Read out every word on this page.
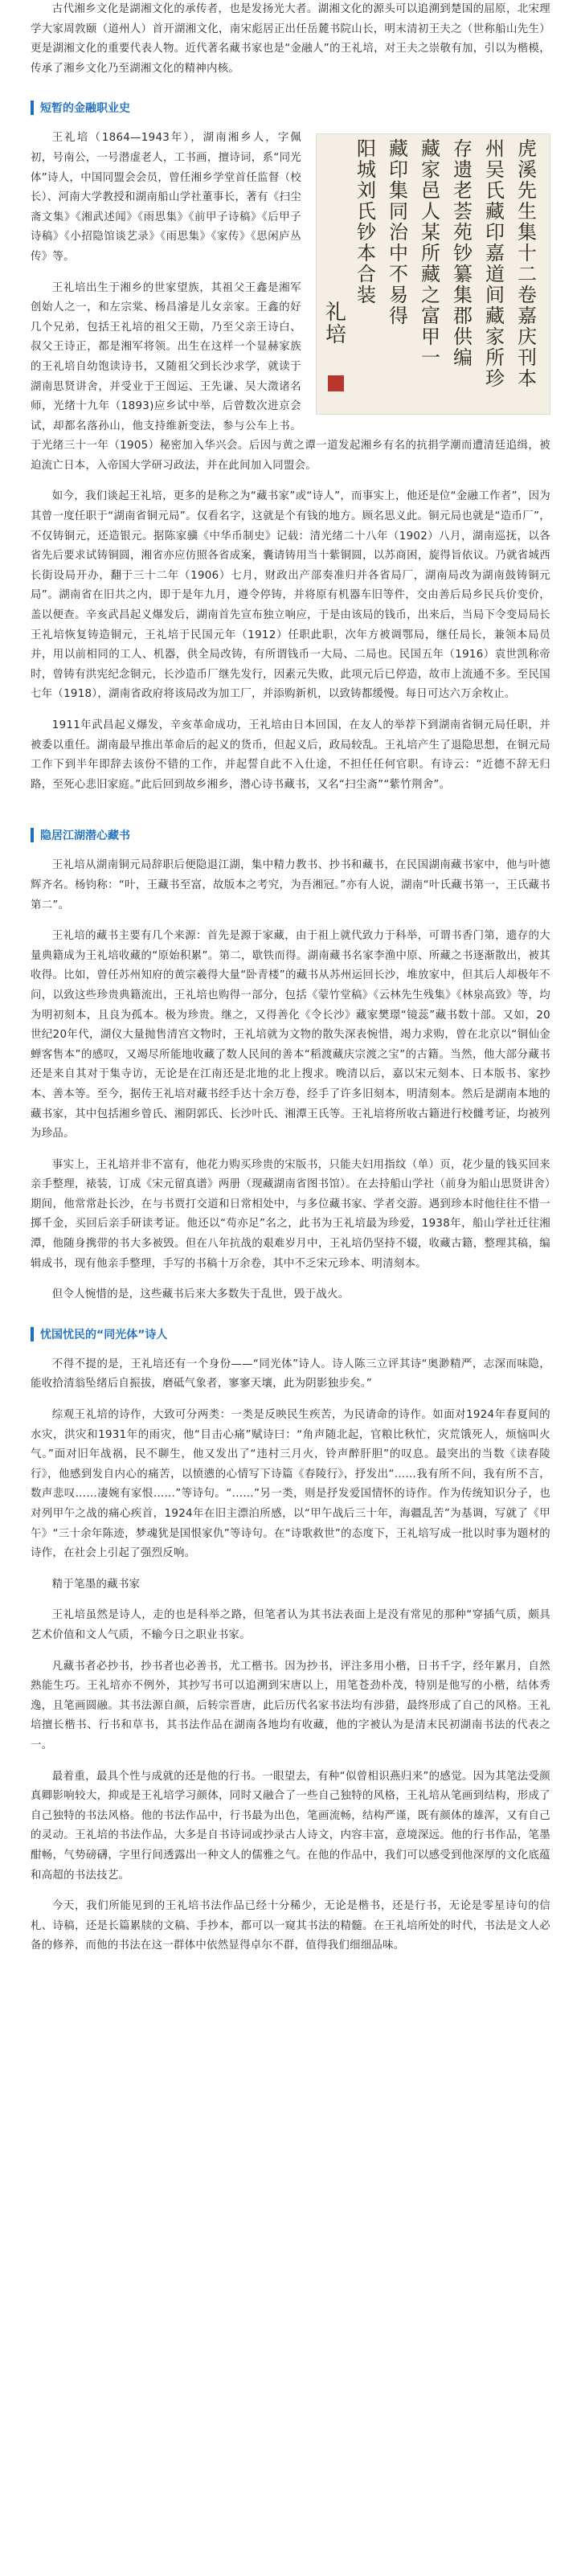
古代湘乡文化是湖湘文化的承传者，也是发扬光大者。湖湘文化的源头可以追溯到楚国的屈原，北宋理学大家周敦颐（道州人）首开湖湘文化，南宋彪居正出任岳麓书院山长，明末清初王夫之（世称船山先生）更是湖湘文化的重要代表人物。近代著名藏书家也是“金融人”的王礼培，对王夫之崇敬有加，引以为楷模，传承了湘乡文化乃至湖湘文化的精神内核。

短暂的金融职业史
虎
溪
先
生
集
十
二
卷
嘉
庆
刊
本
州
吴
氏
藏
印
嘉
道
间
藏
家
所
珍
存
遗
老
荟
苑
钞
纂
集
郡
供
编
藏
家
邑
人
某
所
藏
之
富
甲
一
藏
印
集
同
治
中
不
易
得
阳
城
刘
氏
钞
本
合
装
礼
培

王礼培（1864—1943年），湖南湘乡人，字佩初，号南公，一号潜虚老人，工书画，擅诗词，系“同光体”诗人，中国同盟会会员，曾任湘乡学堂首任监督（校长）、河南大学教授和湖南船山学社董事长，著有《扫尘斋文集》《湘武述闻》《雨思集》《前甲子诗稿》《后甲子诗稿》《小招隐馆谈艺录》《雨思集》《家传》《思闲庐丛传》等。

王礼培出生于湘乡的世家望族，其祖父王鑫是湘军创始人之一，和左宗棠、杨昌濬是儿女亲家。王鑫的好几个兄弟，包括王礼培的祖父王勋，乃至父亲王诗白、叔父王诗正，都是湘军将领。出生在这样一个显赫家族的王礼培自幼饱读诗书，又随祖父到长沙求学，就读于湖南思贤讲舍，并受业于王闿运、王先谦、吴大澂诸名师，光绪十九年（1893)应乡试中举，后曾数次进京会试，却都名落孙山，他支持维新变法，参与公车上书。于光绪三十一年（1905）秘密加入华兴会。后因与黄之谭一道发起湘乡有名的抗捐学潮而遭清廷追缉，被迫流亡日本，入帝国大学研习政法，并在此间加入同盟会。

如今，我们谈起王礼培，更多的是称之为“藏书家”或“诗人”，而事实上，他还是位“金融工作者”，因为其曾一度任职于“湖南省铜元局”。仅看名字，这就是个有钱的地方。顾名思义此。铜元局也就是“造币厂”，不仅铸铜元，还造银元。据陈家骥《中华币制史》记载：清光绪二十八年（1902）八月，湖南巡抚，以各省先后要求试铸铜圆，湘省亦应仿照各省成案，囊请铸用当十紫铜圆，以苏商困，旋得旨依议。乃就省城西长街设局开办，翻于三十二年（1906）七月，财政出产部奏准归并各省局厂，湖南局改为湖南鼓铸铜元局”。湖南省在旧共之内，即于是年九月，遵令停铸，并将原有机器车旧等件，交由善后局乡民兵价变价，盖以便查。辛亥武昌起义爆发后，湖南首先宣布独立响应，于是由该局的钱币，出来后，当局下令变局局长王礼培恢复铸造铜元，王礼培于民国元年（1912）任职此职，次年方被调鄂局，继任局长，兼领本局员并，用以前相同的工人、机器，供全局改铸，有所谓钱币一大局、二局也。民国五年（1916）袁世凯称帝时，曾铸有洪宪纪念铜元，长沙造币厂继先发行，因素元失败，此项元后已停造，故市上流通不多。至民国七年（1918），湖南省政府将该局改为加工厂，并添购新机，以致铸都缓慢。每日可达六万余枚止。

1911年武昌起义爆发，辛亥革命成功，王礼培由日本回国，在友人的举荐下到湖南省铜元局任职，并被委以重任。湖南最早推出革命后的起义的货币，但起义后，政局较乱。王礼培产生了退隐思想，在铜元局工作下到半年即辞去该份不错的工作，并起誓自此不入仕途，不担任任何官职。有诗云：“近德不辞无归路，至死心悲旧家庭。”此后回到故乡湘乡，潜心诗书藏书，又名“扫尘斋”“紫竹荆舍”。

隐居江湖潜心藏书

王礼培从湖南铜元局辞职后便隐退江湖，集中精力教书、抄书和藏书，在民国湖南藏书家中，他与叶德辉齐名。杨钧称：“叶，王藏书至富，故版本之考究，为吾湘冠。”亦有人说，湖南“叶氏藏书第一，王氏藏书第二”。

王礼培的藏书主要有几个来源：首先是源于家藏，由于祖上就代致力于科举，可谓书香门第，遗存的大量典籍成为王礼培收藏的“原始积累”。第二，歇铁而得。湖南藏书名家李渔中原、所藏之书逐渐散出，被其收得。比如，曾任苏州知府的黄宗羲得大量“卧青楼”的藏书从苏州运回长沙，堆放家中，但其后人却极年不问，以致这些珍贵典籍流出，王礼培也购得一部分，包括《蒙竹堂稿》《云林先生残集》《林泉高致》等，均为明初刻本，且良为孤本。极为珍贵。继之，又得善化《令长沙》藏家樊璟“镜蕊”藏书数十部。又如，20世纪20年代，湖仪大量抛售清宫文物时，王礼培就为文物的散失深表惋惜，竭力求购，曾在北京以“铜仙金蝉客售本”的感叹，又竭尽所能地收藏了数人民间的善本“稻渡藏庆宗渡之宝”的古籍。当然，他大部分藏书还是来自其对于集寺访，无论是在江南还是北地的北上搜求。晚清以后，嘉以宋元刻本、日本版书、家抄本、善本等。至今，据传王礼培对藏书经手达十余万卷，经手了许多旧刻本，明清刻本。然后是湖南本地的藏书家，其中包括湘乡曾氏、湘阴郭氏、长沙叶氏、湘潭王氏等。王礼培将所收古籍进行校雠考证，均被列为珍品。

事实上，王礼培并非不富有，他花力购买珍贵的宋版书，只能夫妇用指纹（单）页，花少量的钱买回来亲手整理，裱装，订成《宋元留真谱》两册（现藏湖南省图书馆）。在去持船山学社（前身为船山思贤讲舍）期间，他常常赴长沙，在与书贾打交道和日常相处中，与多位藏书家、学者交游。遇到珍本时他往往不惜一掷千金，买回后亲手研读考证。他还以“苟亦足”名之，此书为王礼培最为珍爱，1938年，船山学社迁往湘潭，他随身携带的书大多被毁。但在八年抗战的艰难岁月中，王礼培仍坚持不辍，收藏古籍，整理其稿，编辑成书，现有他亲手整理，手写的书稿十万余卷，其中不乏宋元珍本、明清刻本。

但令人惋惜的是，这些藏书后来大多数失于乱世，毁于战火。

忧国忧民的“同光体”诗人

不得不提的是，王礼培还有一个身份——“同光体”诗人。诗人陈三立评其诗“奥渺精严，志深而味隐，能收拾清翁坠绪后自振拔，磨砥气象者，寥寥天壤，此为阴影独步矣。”

综观王礼培的诗作，大致可分两类：一类是反映民生疾苦，为民请命的诗作。如面对1924年春夏间的水灾，洪灾和1931年的雨灾，他“目击心痛”赋诗曰：“角声随北起，官粮比秋忙，灾荒饿死人，烦恼叫火气。”面对旧年战祸，民不聊生，他又发出了“违村三月火，铃声醉肝胆”的叹息。最突出的当数《读春陵行》，他感到发自内心的痛苦，以愤懑的心情写下诗篇《春陵行》，抒发出“……我有所不问，我有所不言，数声悲叹……凄婉有家恨……”等诗句。“……”另一类，则是抒发爱国情怀的诗作。作为传统知识分子，也对列甲午之战的痛心疾首，1924年在旧主漂泊所感，以“甲午战后三十年，海疆乱苦”为基调，写就了《甲午》“三十余年陈迹，梦魂犹是国恨家仇”等诗句。在“诗歌救世”的态度下，王礼培写成一批以时事为题材的诗作，在社会上引起了强烈反响。

精于笔墨的藏书家

王礼培虽然是诗人，走的也是科举之路，但笔者认为其书法表面上是没有常见的那种“穿插气质，颇具艺术价值和文人气质，不输今日之职业书家。

凡藏书者必抄书，抄书者也必善书，尤工楷书。因为抄书，评注多用小楷，日书千字，经年累月，自然熟能生巧。王礼培亦不例外，其抄写书可以追溯到宋唐以上，用笔苍劲朴茂，特别是他写的小楷，结体秀逸，且笔画圆融。其书法源自颜，后转宗晋唐，此后历代名家书法均有涉猎，最终形成了自己的风格。王礼培擅长楷书、行书和草书，其书法作品在湖南各地均有收藏，他的字被认为是清末民初湖南书法的代表之一。

最着重，最具个性与成就的还是他的行书。一眼望去，有种“似曾相识燕归来”的感觉。因为其笔法受颜真卿影响较大，抑或是王礼培学习颜体，同时又融合了一些自己独特的风格，王礼培从笔画到结构，形成了自己独特的书法风格。他的书法作品中，行书最为出色，笔画流畅，结构严谨，既有颜体的雄浑，又有自己的灵动。王礼培的书法作品，大多是自书诗词或抄录古人诗文，内容丰富，意境深远。他的行书作品，笔墨酣畅，气势磅礴，字里行间透露出一种文人的儒雅之气。在他的作品中，我们可以感受到他深厚的文化底蕴和高超的书法技艺。

今天，我们所能见到的王礼培书法作品已经十分稀少，无论是楷书，还是行书，无论是零星诗句的信札、诗稿，还是长篇累牍的文稿、手抄本，都可以一窥其书法的精髓。在王礼培所处的时代，书法是文人必备的修养，而他的书法在这一群体中依然显得卓尔不群，值得我们细细品味。
